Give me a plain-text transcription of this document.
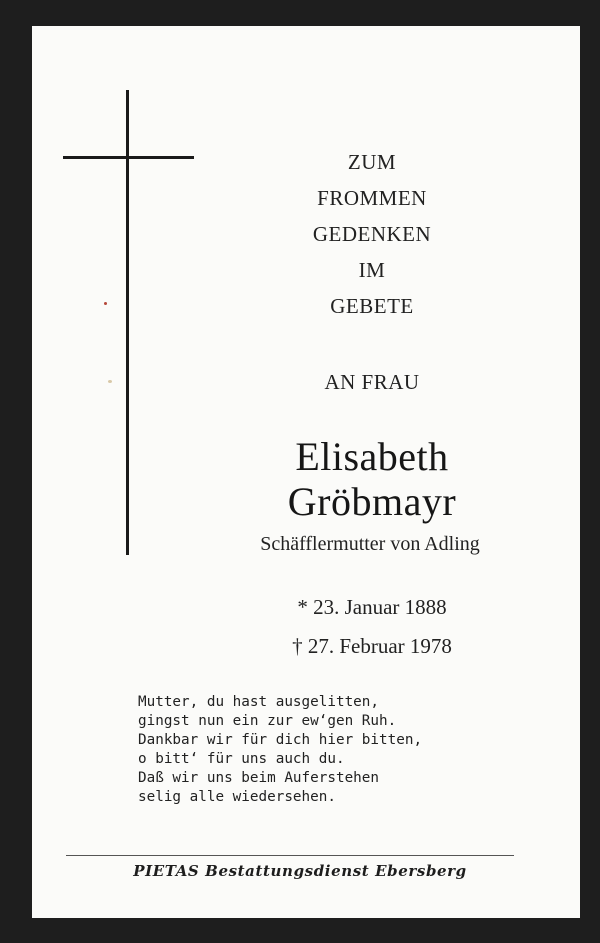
ZUM
FROMMEN
GEDENKEN
IM
GEBETE
AN FRAU
Elisabeth
Gröbmayr
Schäfflermutter von Adling
* 23. Januar 1888
† 27. Februar 1978
Mutter, du hast ausgelitten,
gingst nun ein zur ew‘gen Ruh.
Dankbar wir für dich hier bitten,
o bitt‘ für uns auch du.
Daß wir uns beim Auferstehen
selig alle wiedersehen.
PIETAS Bestattungsdienst Ebersberg
